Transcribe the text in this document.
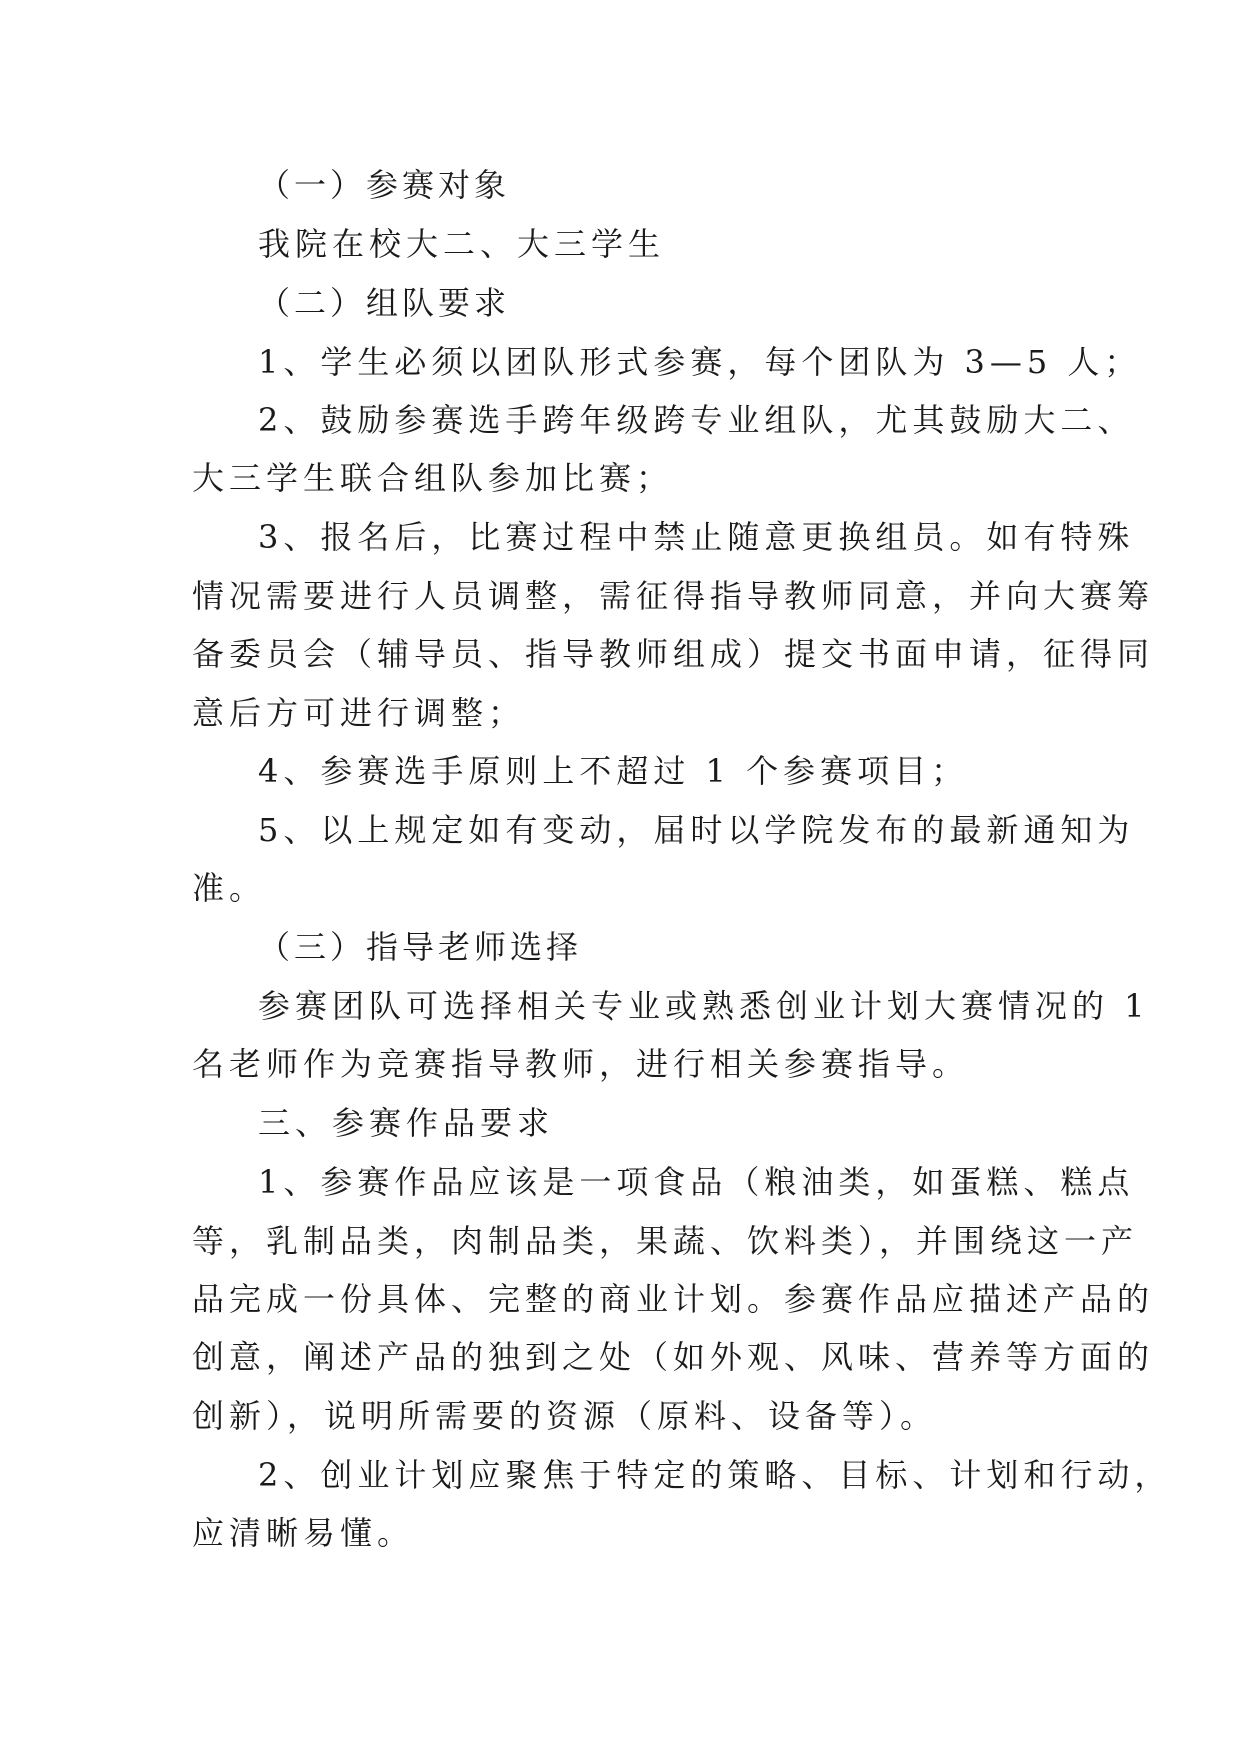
（一）参赛对象
我院在校大二、大三学生
（二）组队要求
1、学生必须以团队形式参赛，每个团队为 3—5 人；
2、鼓励参赛选手跨年级跨专业组队，尤其鼓励大二、
大三学生联合组队参加比赛；
3、报名后，比赛过程中禁止随意更换组员。如有特殊
情况需要进行人员调整，需征得指导教师同意，并向大赛筹
备委员会（辅导员、指导教师组成）提交书面申请，征得同
意后方可进行调整；
4、参赛选手原则上不超过 1 个参赛项目；
5、以上规定如有变动，届时以学院发布的最新通知为
准。
（三）指导老师选择
参赛团队可选择相关专业或熟悉创业计划大赛情况的 1
名老师作为竞赛指导教师，进行相关参赛指导。
三、参赛作品要求
1、参赛作品应该是一项食品（粮油类，如蛋糕、糕点
等，乳制品类，肉制品类，果蔬、饮料类），并围绕这一产
品完成一份具体、完整的商业计划。参赛作品应描述产品的
创意，阐述产品的独到之处（如外观、风味、营养等方面的
创新），说明所需要的资源（原料、设备等）。
2、创业计划应聚焦于特定的策略、目标、计划和行动，
应清晰易懂。
